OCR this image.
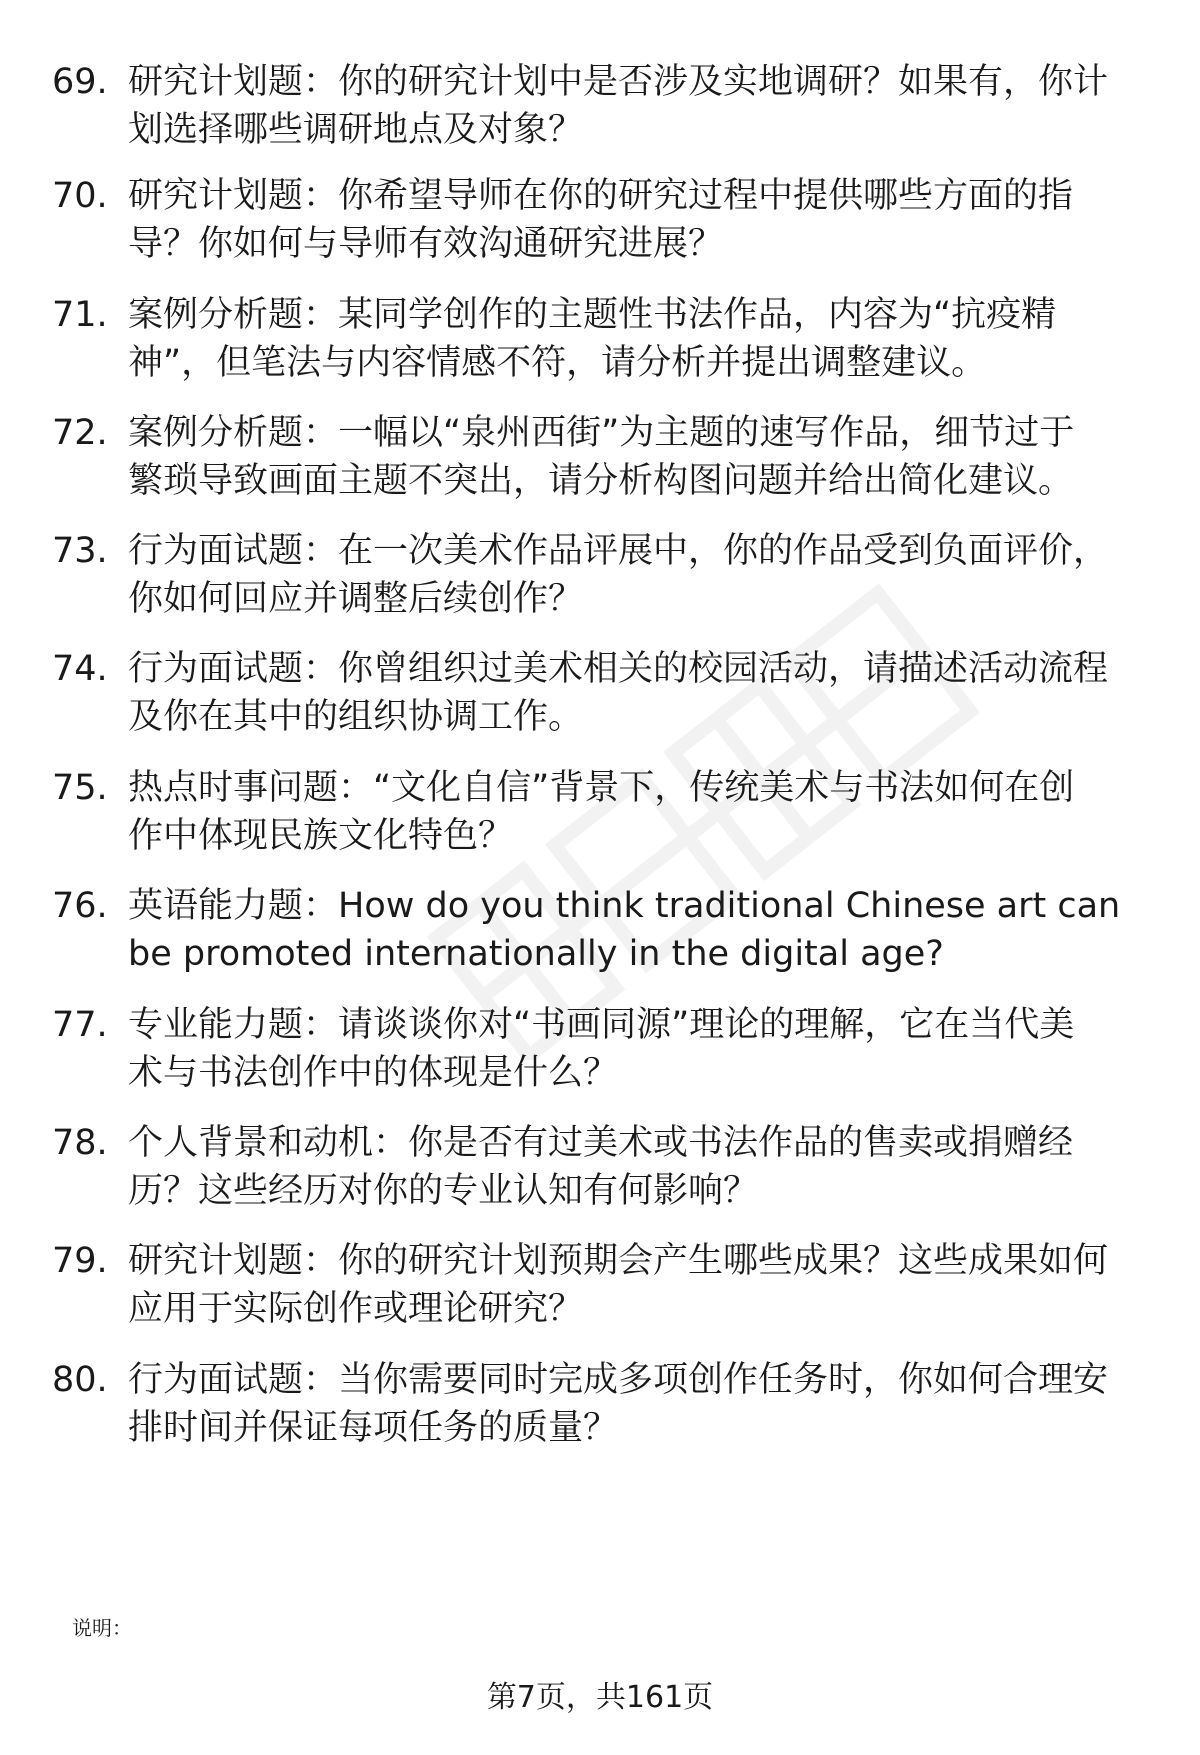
69. 研究计划题：你的研究计划中是否涉及实地调研？如果有，你计
划选择哪些调研地点及对象？
70. 研究计划题：你希望导师在你的研究过程中提供哪些方面的指
导？你如何与导师有效沟通研究进展？
71. 案例分析题：某同学创作的主题性书法作品，内容为“抗疫精
神”，但笔法与内容情感不符，请分析并提出调整建议。
72. 案例分析题：一幅以“泉州西街”为主题的速写作品，细节过于
繁琐导致画面主题不突出，请分析构图问题并给出简化建议。
73. 行为面试题：在一次美术作品评展中，你的作品受到负面评价，
你如何回应并调整后续创作？
74. 行为面试题：你曾组织过美术相关的校园活动，请描述活动流程
及你在其中的组织协调工作。
75. 热点时事问题：“文化自信”背景下，传统美术与书法如何在创
作中体现民族文化特色？
76. 英语能力题：How do you think traditional Chinese art can
be promoted internationally in the digital age?
77. 专业能力题：请谈谈你对“书画同源”理论的理解，它在当代美
术与书法创作中的体现是什么？
78. 个人背景和动机：你是否有过美术或书法作品的售卖或捐赠经
历？这些经历对你的专业认知有何影响？
79. 研究计划题：你的研究计划预期会产生哪些成果？这些成果如何
应用于实际创作或理论研究？
80. 行为面试题：当你需要同时完成多项创作任务时，你如何合理安
排时间并保证每项任务的质量？
说明：
第7页，共161页
